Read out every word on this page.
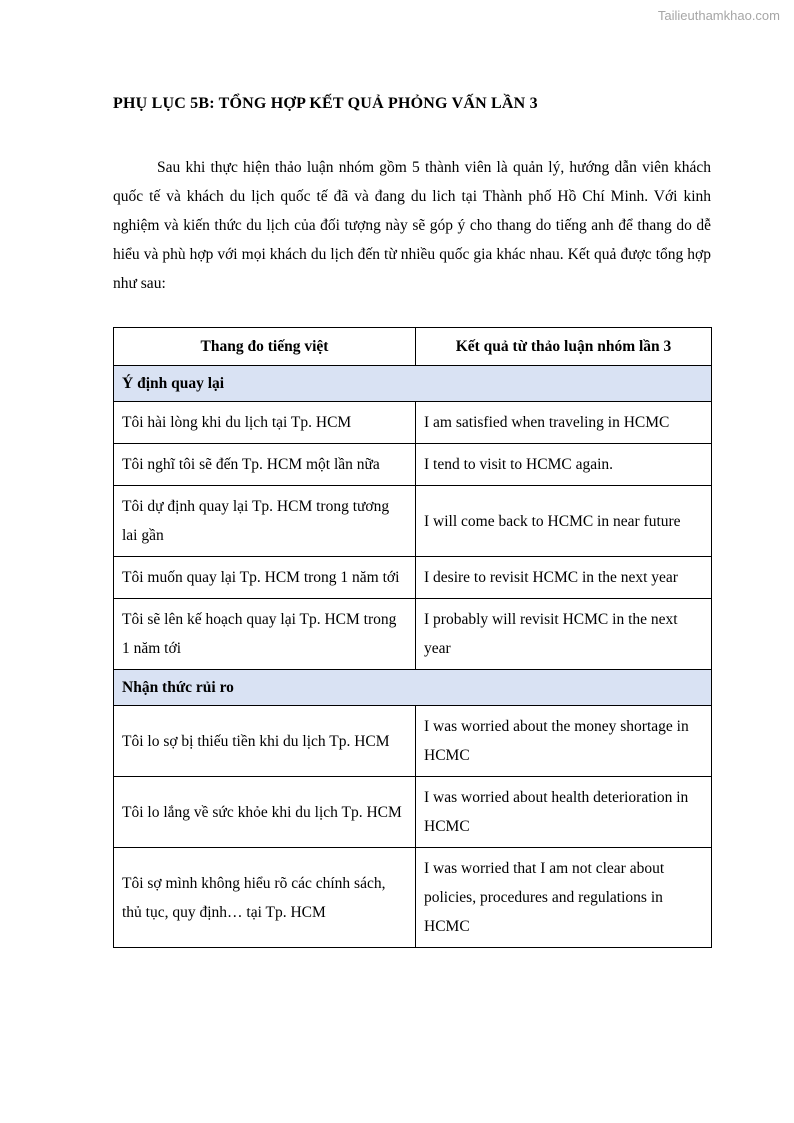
Tailieuthamkhao.com
PHỤ LỤC 5B: TỔNG HỢP KẾT QUẢ PHỎNG VẤN LẦN 3

Sau khi thực hiện thảo luận nhóm gồm 5 thành viên là quản lý, hướng dẫn viên khách quốc tế và khách du lịch quốc tế đã và đang du lich tại Thành phố Hồ Chí Minh. Với kinh nghiệm và kiến thức du lịch của đối tượng này sẽ góp ý cho thang do tiếng anh để thang do dễ hiểu và phù hợp với mọi khách du lịch đến từ nhiều quốc gia khác nhau. Kết quả được tổng hợp như sau:

Thang đo tiếng việt	Kết quả từ thảo luận nhóm lần 3
Ý định quay lại	
Tôi hài lòng khi du lịch tại Tp. HCM	I am satisfied when traveling in HCMC
Tôi nghĩ tôi sẽ đến Tp. HCM một lần nữa	I tend to visit to HCMC again.
Tôi dự định quay lại Tp. HCM trong tương lai gần	I will come back to HCMC in near future
Tôi muốn quay lại Tp. HCM trong 1 năm tới	I desire to revisit HCMC in the next year
Tôi sẽ lên kế hoạch quay lại Tp. HCM trong 1 năm tới	I probably will revisit HCMC in the next year
Nhận thức rủi ro	
Tôi lo sợ bị thiếu tiền khi du lịch Tp. HCM	I was worried about the money shortage in HCMC
Tôi lo lắng về sức khỏe khi du lịch Tp. HCM	I was worried about health deterioration in HCMC
Tôi sợ mình không hiểu rõ các chính sách, thủ tục, quy định… tại Tp. HCM	I was worried that I am not clear about policies, procedures and regulations in HCMC
